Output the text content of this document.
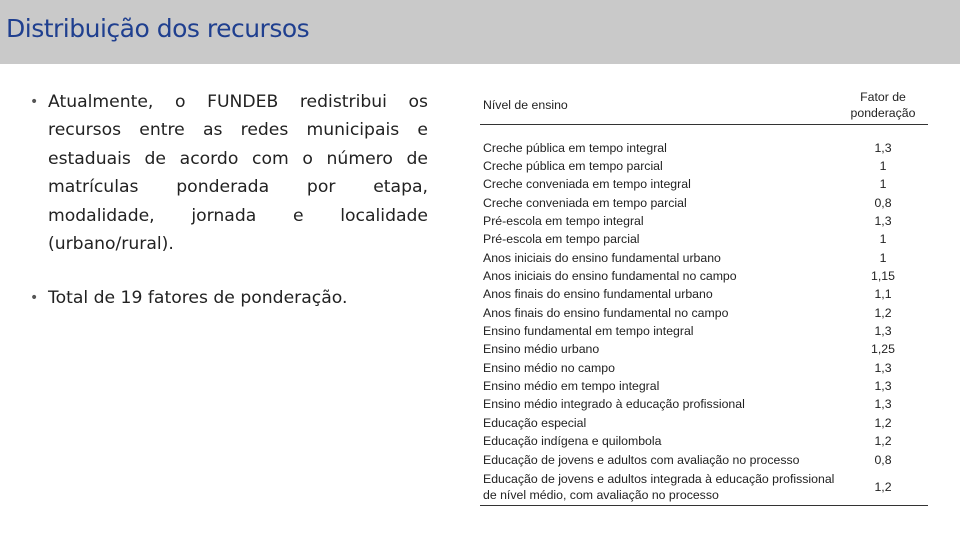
Distribuição dos recursos
• Atualmente, o FUNDEB redistribui os recursos entre as redes municipais e estaduais de acordo com o número de matrículas ponderada por etapa, modalidade, jornada e localidade (urbano/rural).
• Total de 19 fatores de ponderação.
Nível de ensino	Fator de ponderação
Creche pública em tempo integral	1,3
Creche pública em tempo parcial	1
Creche conveniada em tempo integral	1
Creche conveniada em tempo parcial	0,8
Pré-escola em tempo integral	1,3
Pré-escola em tempo parcial	1
Anos iniciais do ensino fundamental urbano	1
Anos iniciais do ensino fundamental no campo	1,15
Anos finais do ensino fundamental urbano	1,1
Anos finais do ensino fundamental no campo	1,2
Ensino fundamental em tempo integral	1,3
Ensino médio urbano	1,25
Ensino médio no campo	1,3
Ensino médio em tempo integral	1,3
Ensino médio integrado à educação profissional	1,3
Educação especial	1,2
Educação indígena e quilombola	1,2
Educação de jovens e adultos com avaliação no processo	0,8
Educação de jovens e adultos integrada à educação profissional de nível médio, com avaliação no processo	1,2
